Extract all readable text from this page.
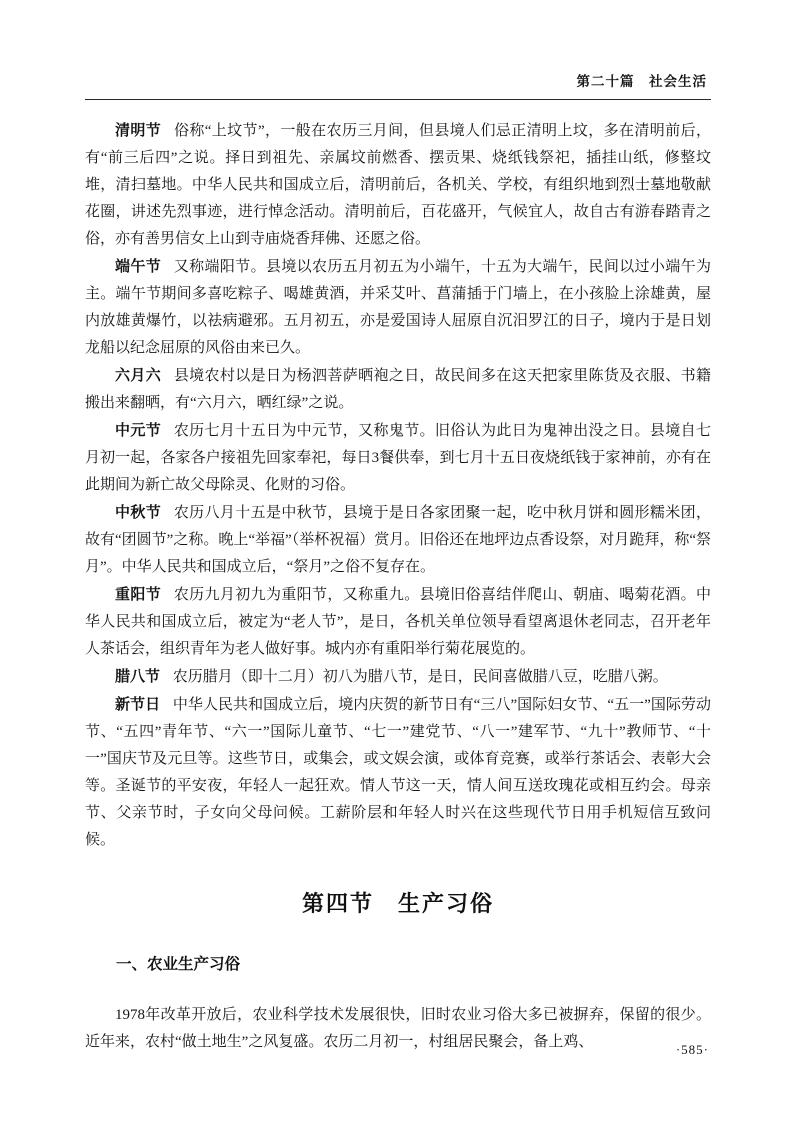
第二十篇　社会生活

清明节 俗称“上坟节”，一般在农历三月间，但县境人们忌正清明上坟，多在清明前后，有“前三后四”之说。择日到祖先、亲属坟前燃香、摆贡果、烧纸钱祭祀，插挂山纸，修整坟堆，清扫墓地。中华人民共和国成立后，清明前后，各机关、学校，有组织地到烈士墓地敬献花圈，讲述先烈事迹，进行悼念活动。清明前后，百花盛开，气候宜人，故自古有游春踏青之俗，亦有善男信女上山到寺庙烧香拜佛、还愿之俗。

端午节 又称端阳节。县境以农历五月初五为小端午，十五为大端午，民间以过小端午为主。端午节期间多喜吃粽子、喝雄黄酒，并采艾叶、菖蒲插于门墙上，在小孩脸上涂雄黄，屋内放雄黄爆竹，以祛病避邪。五月初五，亦是爱国诗人屈原自沉汨罗江的日子，境内于是日划龙船以纪念屈原的风俗由来已久。

六月六 县境农村以是日为杨泗菩萨晒袍之日，故民间多在这天把家里陈货及衣服、书籍搬出来翻晒，有“六月六，晒红绿”之说。

中元节 农历七月十五日为中元节，又称鬼节。旧俗认为此日为鬼神出没之日。县境自七月初一起，各家各户接祖先回家奉祀，每日3餐供奉，到七月十五日夜烧纸钱于家神前，亦有在此期间为新亡故父母除灵、化财的习俗。

中秋节 农历八月十五是中秋节，县境于是日各家团聚一起，吃中秋月饼和圆形糯米团，故有“团圆节”之称。晚上“举福”（举杯祝福）赏月。旧俗还在地坪边点香设祭，对月跪拜，称“祭月”。中华人民共和国成立后，“祭月”之俗不复存在。

重阳节 农历九月初九为重阳节，又称重九。县境旧俗喜结伴爬山、朝庙、喝菊花酒。中华人民共和国成立后，被定为“老人节”，是日，各机关单位领导看望离退休老同志，召开老年人茶话会，组织青年为老人做好事。城内亦有重阳举行菊花展览的。

腊八节 农历腊月（即十二月）初八为腊八节，是日，民间喜做腊八豆，吃腊八粥。

新节日 中华人民共和国成立后，境内庆贺的新节日有“三八”国际妇女节、“五一”国际劳动节、“五四”青年节、“六一”国际儿童节、“七一”建党节、“八一”建军节、“九十”教师节、“十一”国庆节及元旦等。这些节日，或集会，或文娱会演，或体育竞赛，或举行茶话会、表彰大会等。圣诞节的平安夜，年轻人一起狂欢。情人节这一天，情人间互送玫瑰花或相互约会。母亲节、父亲节时，子女向父母问候。工薪阶层和年轻人时兴在这些现代节日用手机短信互致问候。

第四节　生产习俗
一、农业生产习俗

1978年改革开放后，农业科学技术发展很快，旧时农业习俗大多已被摒弃，保留的很少。近年来，农村“做土地生”之风复盛。农历二月初一，村组居民聚会，备上鸡、	·585·
